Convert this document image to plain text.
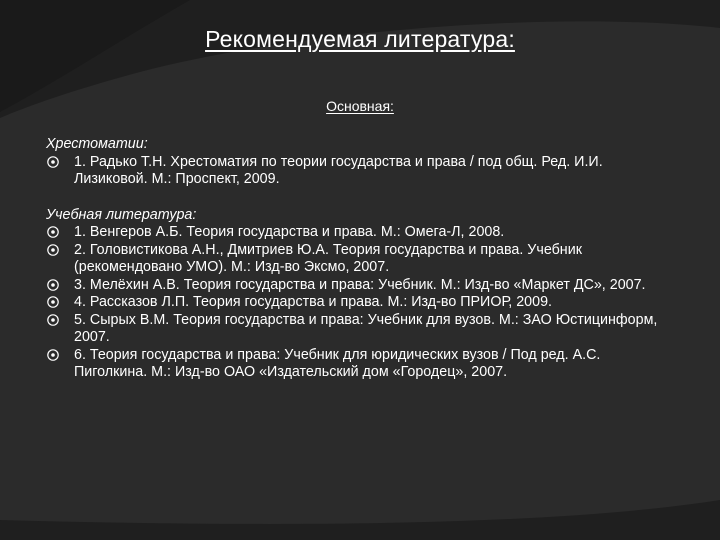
Рекомендуемая литература:
Основная:
Хрестоматии:
1. Радько Т.Н. Хрестоматия по теории государства и права / под общ. Ред. И.И. Лизиковой. М.: Проспект, 2009.
Учебная литература:
1. Венгеров А.Б. Теория государства и права. М.: Омега-Л, 2008.
2. Головистикова А.Н., Дмитриев Ю.А. Теория государства и права. Учебник (рекомендовано УМО). М.: Изд-во Эксмо, 2007.
3. Мелёхин А.В. Теория государства и права: Учебник. М.: Изд-во «Маркет ДС», 2007.
4. Рассказов Л.П. Теория государства и права. М.: Изд-во ПРИОР, 2009.
5. Сырых В.М. Теория государства и права: Учебник для вузов. М.: ЗАО Юстицинформ, 2007.
6. Теория государства и права: Учебник для юридических вузов / Под ред. А.С. Пиголкина. М.: Изд-во ОАО «Издательский дом «Городец», 2007.
